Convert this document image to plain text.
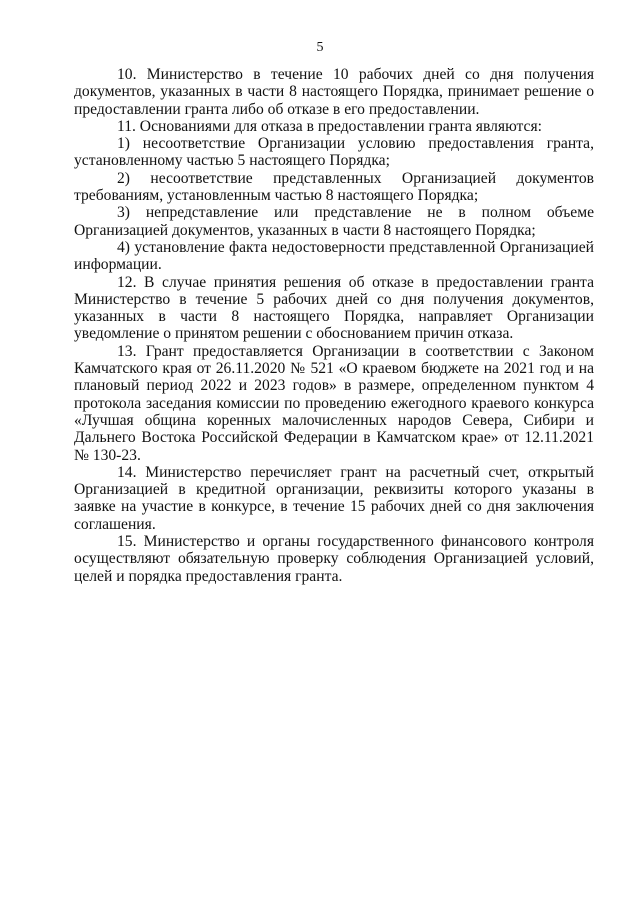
5

10. Министерство в течение 10 рабочих дней со дня получения документов, указанных в части 8 настоящего Порядка, принимает решение о предоставлении гранта либо об отказе в его предоставлении.

11. Основаниями для отказа в предоставлении гранта являются:

1) несоответствие Организации условию предоставления гранта, установленному частью 5 настоящего Порядка;

2) несоответствие представленных Организацией документов требованиям, установленным частью 8 настоящего Порядка;

3) непредставление или представление не в полном объеме Организацией документов, указанных в части 8 настоящего Порядка;

4) установление факта недостоверности представленной Организацией информации.

12. В случае принятия решения об отказе в предоставлении гранта Министерство в течение 5 рабочих дней со дня получения документов, указанных в части 8 настоящего Порядка, направляет Организации уведомление о принятом решении с обоснованием причин отказа.

13. Грант предоставляется Организации в соответствии с Законом Камчатского края от 26.11.2020 № 521 «О краевом бюджете на 2021 год и на плановый период 2022 и 2023 годов» в размере, определенном пунктом 4 протокола заседания комиссии по проведению ежегодного краевого конкурса «Лучшая община коренных малочисленных народов Севера, Сибири и Дальнего Востока Российской Федерации в Камчатском крае» от 12.11.2021 № 130-23.

14. Министерство перечисляет грант на расчетный счет, открытый Организацией в кредитной организации, реквизиты которого указаны в заявке на участие в конкурсе, в течение 15 рабочих дней со дня заключения соглашения.

15. Министерство и органы государственного финансового контроля осуществляют обязательную проверку соблюдения Организацией условий, целей и порядка предоставления гранта.
